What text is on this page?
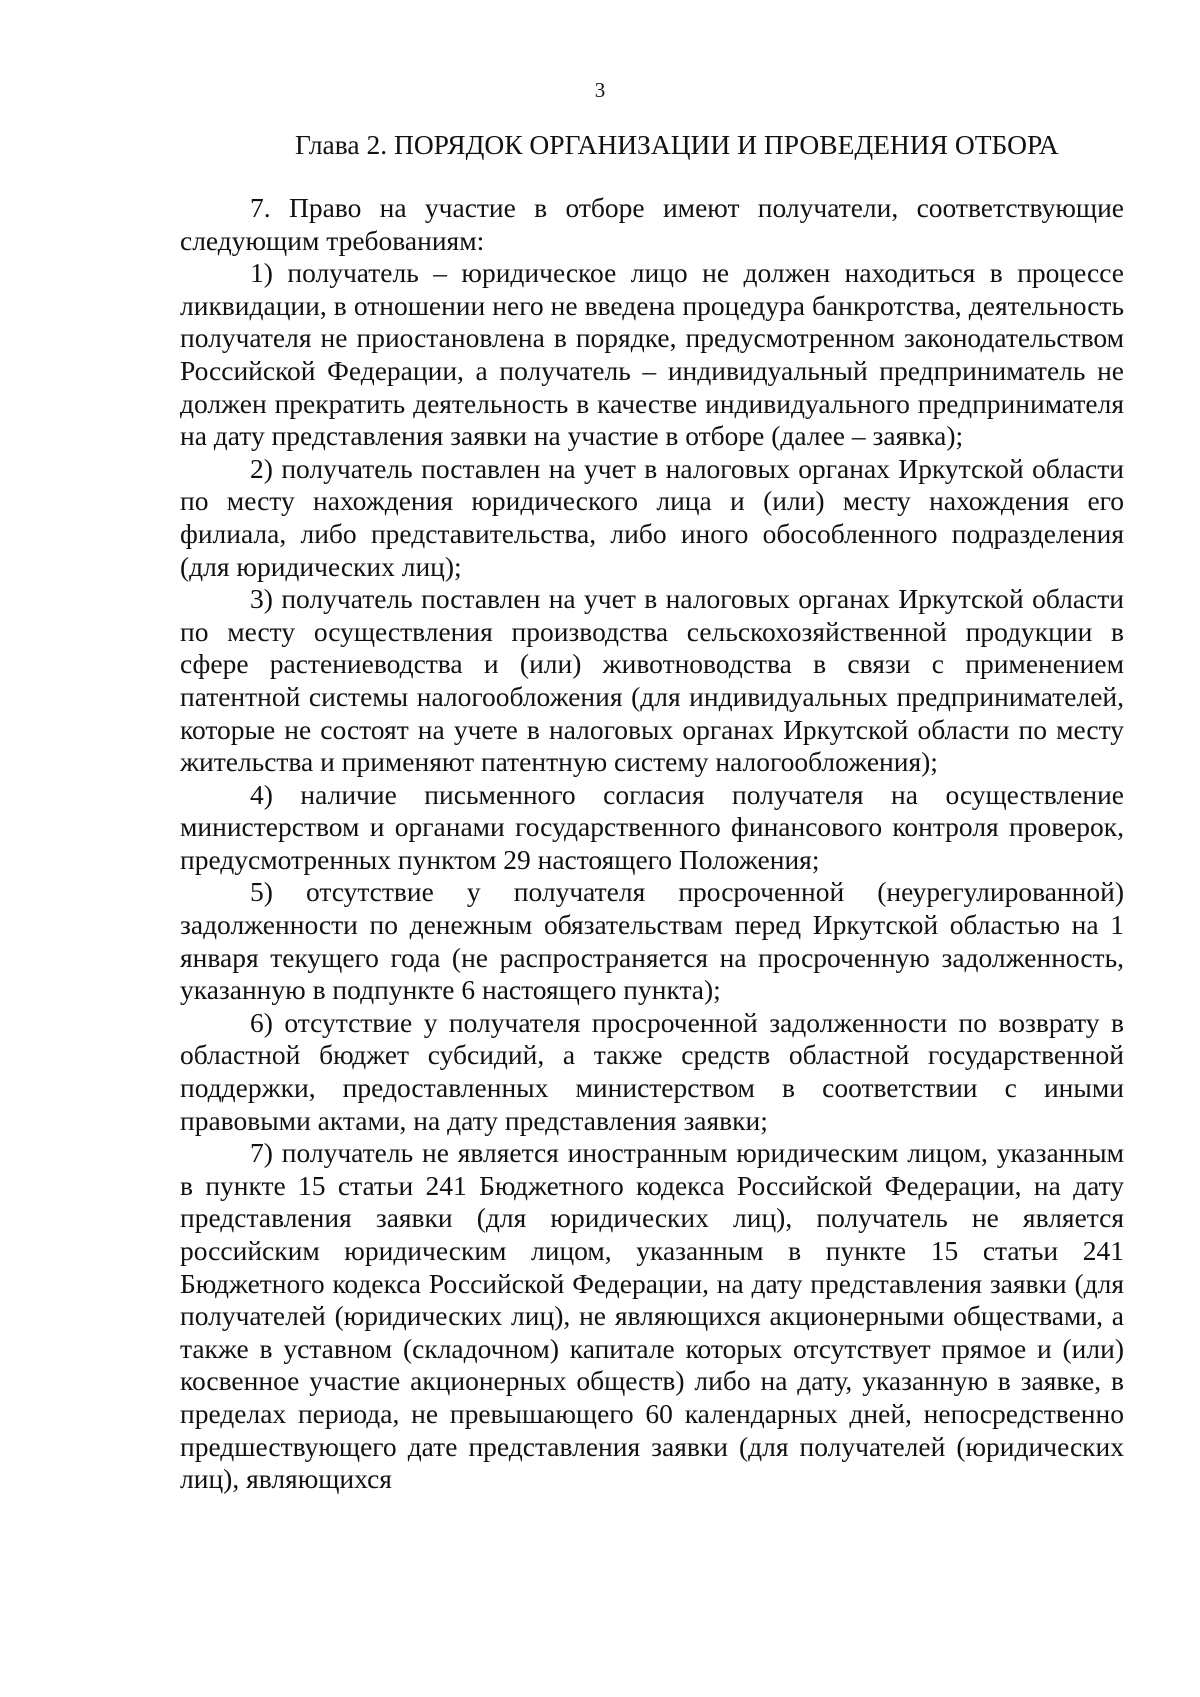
3
Глава 2. ПОРЯДОК ОРГАНИЗАЦИИ И ПРОВЕДЕНИЯ ОТБОРА

7. Право на участие в отборе имеют получатели, соответствующие следующим требованиям:

1) получатель – юридическое лицо не должен находиться в процессе ликвидации, в отношении него не введена процедура банкротства, деятельность получателя не приостановлена в порядке, предусмотренном законодательством Российской Федерации, а получатель – индивидуальный предприниматель не должен прекратить деятельность в качестве индивидуального предпринимателя на дату представления заявки на участие в отборе (далее – заявка);

2) получатель поставлен на учет в налоговых органах Иркутской области по месту нахождения юридического лица и (или) месту нахождения его филиала, либо представительства, либо иного обособленного подразделения (для юридических лиц);

3) получатель поставлен на учет в налоговых органах Иркутской области по месту осуществления производства сельскохозяйственной продукции в сфере растениеводства и (или) животноводства в связи с применением патентной системы налогообложения (для индивидуальных предпринимателей, которые не состоят на учете в налоговых органах Иркутской области по месту жительства и применяют патентную систему налогообложения);

4) наличие письменного согласия получателя на осуществление министерством и органами государственного финансового контроля проверок, предусмотренных пунктом 29 настоящего Положения;

5) отсутствие у получателя просроченной (неурегулированной) задолженности по денежным обязательствам перед Иркутской областью на 1 января текущего года (не распространяется на просроченную задолженность, указанную в подпункте 6 настоящего пункта);

6) отсутствие у получателя просроченной задолженности по возврату в областной бюджет субсидий, а также средств областной государственной поддержки, предоставленных министерством в соответствии с иными правовыми актами, на дату представления заявки;

7) получатель не является иностранным юридическим лицом, указанным в пункте 15 статьи 241 Бюджетного кодекса Российской Федерации, на дату представления заявки (для юридических лиц), получатель не является российским юридическим лицом, указанным в пункте 15 статьи 241 Бюджетного кодекса Российской Федерации, на дату представления заявки (для получателей (юридических лиц), не являющихся акционерными обществами, а также в уставном (складочном) капитале которых отсутствует прямое и (или) косвенное участие акционерных обществ) либо на дату, указанную в заявке, в пределах периода, не превышающего 60 календарных дней, непосредственно предшествующего дате представления заявки (для получателей (юридических лиц), являющихся
